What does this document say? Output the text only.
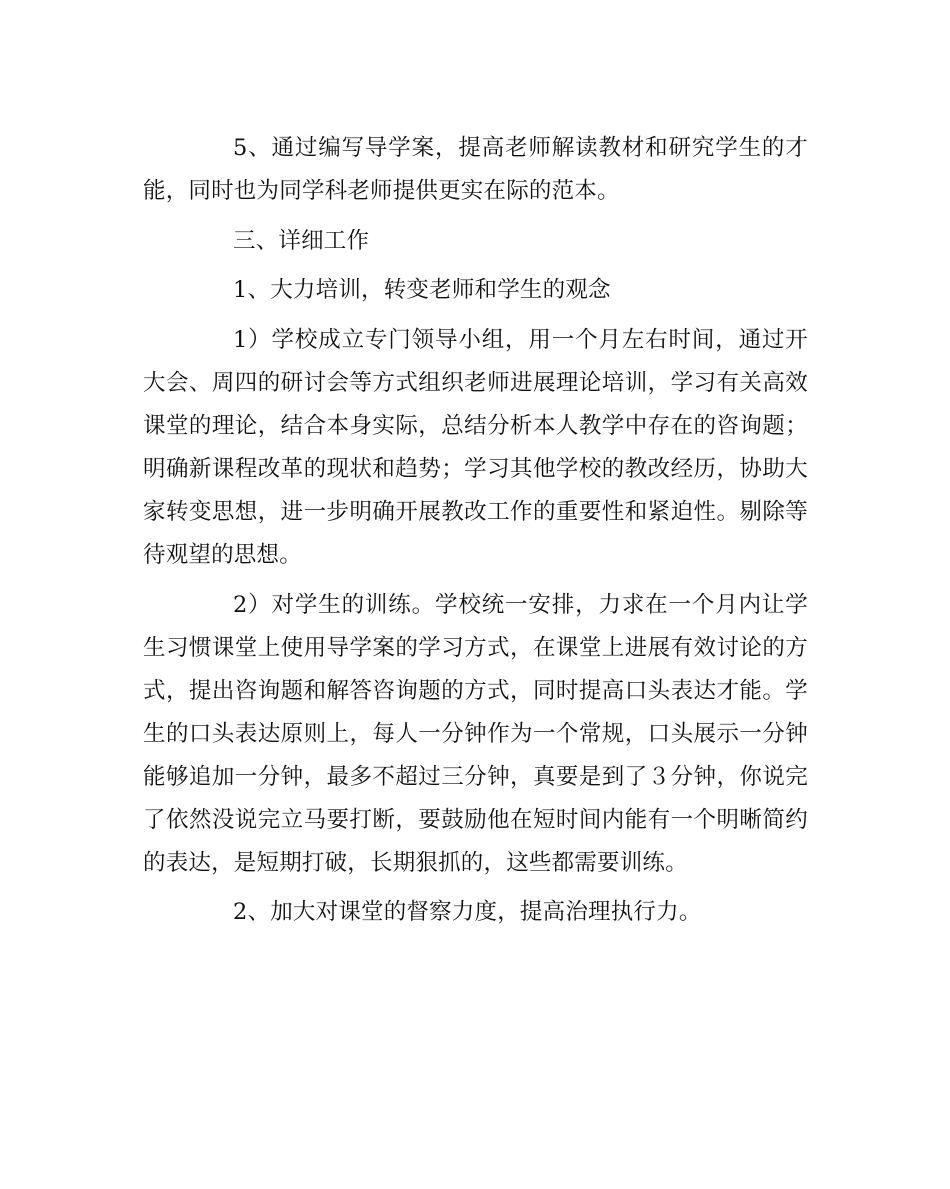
5、通过编写导学案，提高老师解读教材和研究学生的才能，同时也为同学科老师提供更实在际的范本。

三、详细工作

1、大力培训，转变老师和学生的观念

1）学校成立专门领导小组，用一个月左右时间，通过开大会、周四的研讨会等方式组织老师进展理论培训，学习有关高效课堂的理论，结合本身实际，总结分析本人教学中存在的咨询题；明确新课程改革的现状和趋势；学习其他学校的教改经历，协助大家转变思想，进一步明确开展教改工作的重要性和紧迫性。剔除等待观望的思想。

2）对学生的训练。学校统一安排，力求在一个月内让学生习惯课堂上使用导学案的学习方式，在课堂上进展有效讨论的方式，提出咨询题和解答咨询题的方式，同时提高口头表达才能。学生的口头表达原则上，每人一分钟作为一个常规，口头展示一分钟能够追加一分钟，最多不超过三分钟，真要是到了３分钟，你说完了依然没说完立马要打断，要鼓励他在短时间内能有一个明晰简约的表达，是短期打破，长期狠抓的，这些都需要训练。

2、加大对课堂的督察力度，提高治理执行力。
